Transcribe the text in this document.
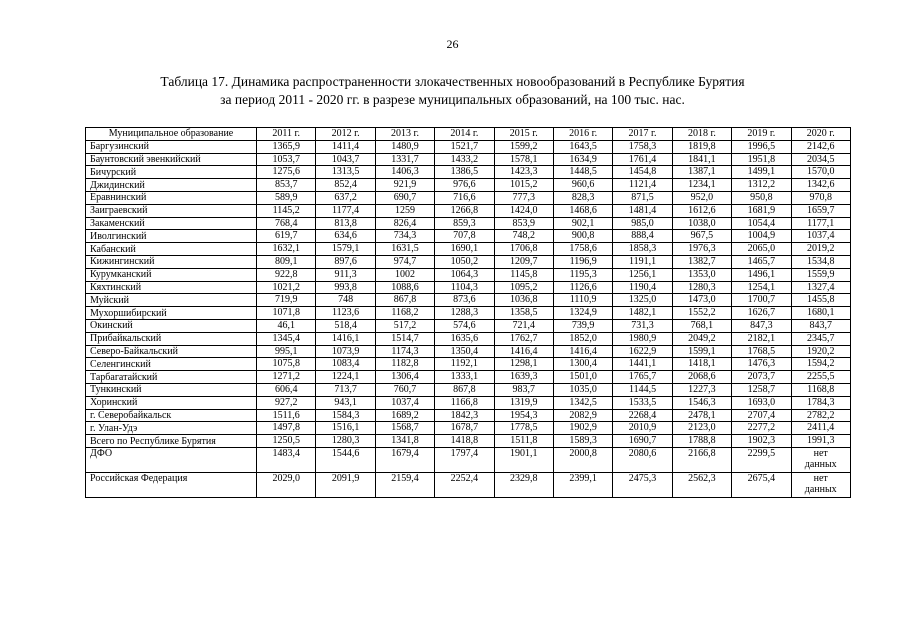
26
Таблица 17. Динамика распространенности злокачественных новообразований в Республике Бурятия
за период 2011 - 2020 гг. в разрезе муниципальных образований, на 100 тыс. нас.
Муниципальное образование	2011 г.	2012 г.	2013 г.	2014 г.	2015 г.	2016 г.	2017 г.	2018 г.	2019 г.	2020 г.
Баргузинский	1365,9	1411,4	1480,9	1521,7	1599,2	1643,5	1758,3	1819,8	1996,5	2142,6
Баунтовский эвенкийский	1053,7	1043,7	1331,7	1433,2	1578,1	1634,9	1761,4	1841,1	1951,8	2034,5
Бичурский	1275,6	1313,5	1406,3	1386,5	1423,3	1448,5	1454,8	1387,1	1499,1	1570,0
Джидинский	853,7	852,4	921,9	976,6	1015,2	960,6	1121,4	1234,1	1312,2	1342,6
Еравнинский	589,9	637,2	690,7	716,6	777,3	828,3	871,5	952,0	950,8	970,8
Заиграевский	1145,2	1177,4	1259	1266,8	1424,0	1468,6	1481,4	1612,6	1681,9	1659,7
Закаменский	768,4	813,8	826,4	859,3	853,9	902,1	985,0	1038,0	1054,4	1177,1
Иволгинский	619,7	634,6	734,3	707,8	748,2	900,8	888,4	967,5	1004,9	1037,4
Кабанский	1632,1	1579,1	1631,5	1690,1	1706,8	1758,6	1858,3	1976,3	2065,0	2019,2
Кижингинский	809,1	897,6	974,7	1050,2	1209,7	1196,9	1191,1	1382,7	1465,7	1534,8
Курумканский	922,8	911,3	1002	1064,3	1145,8	1195,3	1256,1	1353,0	1496,1	1559,9
Кяхтинский	1021,2	993,8	1088,6	1104,3	1095,2	1126,6	1190,4	1280,3	1254,1	1327,4
Муйский	719,9	748	867,8	873,6	1036,8	1110,9	1325,0	1473,0	1700,7	1455,8
Мухоршибирский	1071,8	1123,6	1168,2	1288,3	1358,5	1324,9	1482,1	1552,2	1626,7	1680,1
Окинский	46,1	518,4	517,2	574,6	721,4	739,9	731,3	768,1	847,3	843,7
Прибайкальский	1345,4	1416,1	1514,7	1635,6	1762,7	1852,0	1980,9	2049,2	2182,1	2345,7
Северо-Байкальский	995,1	1073,9	1174,3	1350,4	1416,4	1416,4	1622,9	1599,1	1768,5	1920,2
Селенгинский	1075,8	1083,4	1182,8	1192,1	1298,1	1300,4	1441,1	1418,1	1476,3	1594,2
Тарбагатайский	1271,2	1224,1	1306,4	1333,1	1639,3	1501,0	1765,7	2068,6	2073,7	2255,5
Тункинский	606,4	713,7	760,7	867,8	983,7	1035,0	1144,5	1227,3	1258,7	1168,8
Хоринский	927,2	943,1	1037,4	1166,8	1319,9	1342,5	1533,5	1546,3	1693,0	1784,3
г. Северобайкальск	1511,6	1584,3	1689,2	1842,3	1954,3	2082,9	2268,4	2478,1	2707,4	2782,2
г. Улан-Удэ	1497,8	1516,1	1568,7	1678,7	1778,5	1902,9	2010,9	2123,0	2277,2	2411,4
Всего по Республике Бурятия	1250,5	1280,3	1341,8	1418,8	1511,8	1589,3	1690,7	1788,8	1902,3	1991,3
ДФО	1483,4	1544,6	1679,4	1797,4	1901,1	2000,8	2080,6	2166,8	2299,5	нет
данных

Российская Федерация	2029,0	2091,9	2159,4	2252,4	2329,8	2399,1	2475,3	2562,3	2675,4	нет
данных
